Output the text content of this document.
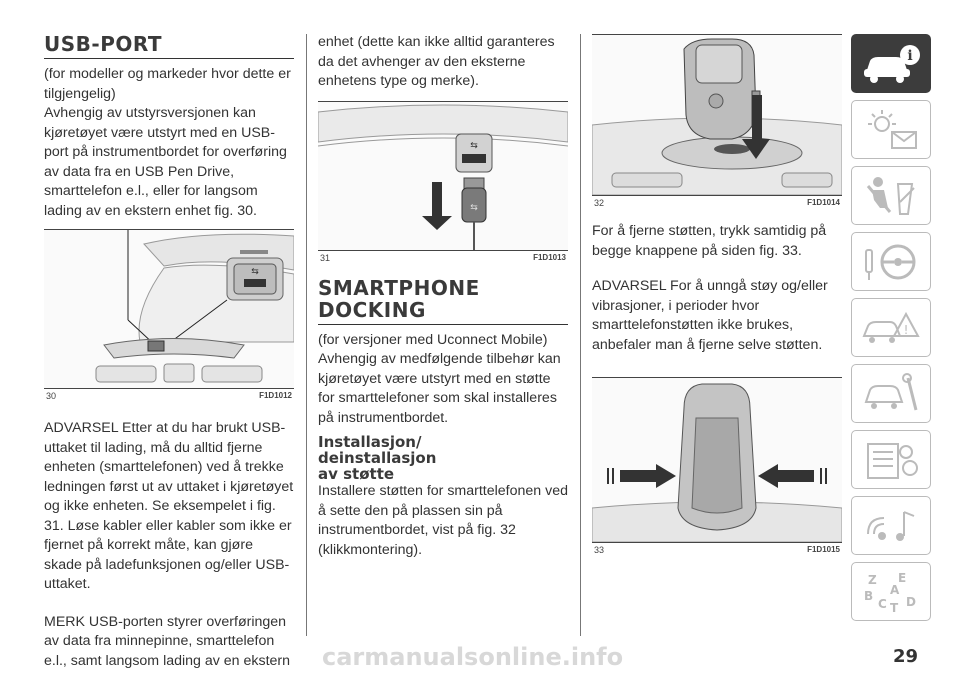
USB-PORT

(for modeller og markeder hvor dette er tilgjengelig)

Avhengig av utstyrsversjonen kan kjøretøyet være utstyrt med en USB-port på instrumentbordet for overføring av data fra en USB Pen Drive, smarttelefon e.l., eller for langsom lading av en ekstern enhet fig. 30.

⇆
30	F1D1012

ADVARSEL Etter at du har brukt USB-uttaket til lading, må du alltid fjerne enheten (smarttelefonen) ved å trekke ledningen først ut av uttaket i kjøretøyet og ikke enheten. Se eksempelet i fig. 31. Løse kabler eller kabler som ikke er fjernet på korrekt måte, kan gjøre skade på ladefunksjonen og/eller USB-uttaket.

MERK USB-porten styrer overføringen av data fra minnepinne, smarttelefon e.l., samt langsom lading av en ekstern

enhet (dette kan ikke alltid garanteres da det avhenger av den eksterne enhetens type og merke).

⇆
⇆
31	F1D1013
SMARTPHONE
DOCKING

(for versjoner med Uconnect Mobile)

Avhengig av medfølgende tilbehør kan kjøretøyet være utstyrt med en støtte for smarttelefoner som skal installeres på instrumentbordet.

Installasjon/
deinstallasjon
av støtte

Installere støtten for smarttelefonen ved å sette den på plassen sin på instrumentbordet, vist på fig. 32 (klikkmontering).

32	F1D1014

For å fjerne støtten, trykk samtidig på begge knappene på siden fig. 33.

ADVARSEL For å unngå støy og/eller vibrasjoner, i perioder hvor smarttelefonstøtten ikke brukes, anbefaler man å fjerne selve støtten.

33	F1D1015
i
!
Z E
A
B
C T D
carmanualsonline.info	29
